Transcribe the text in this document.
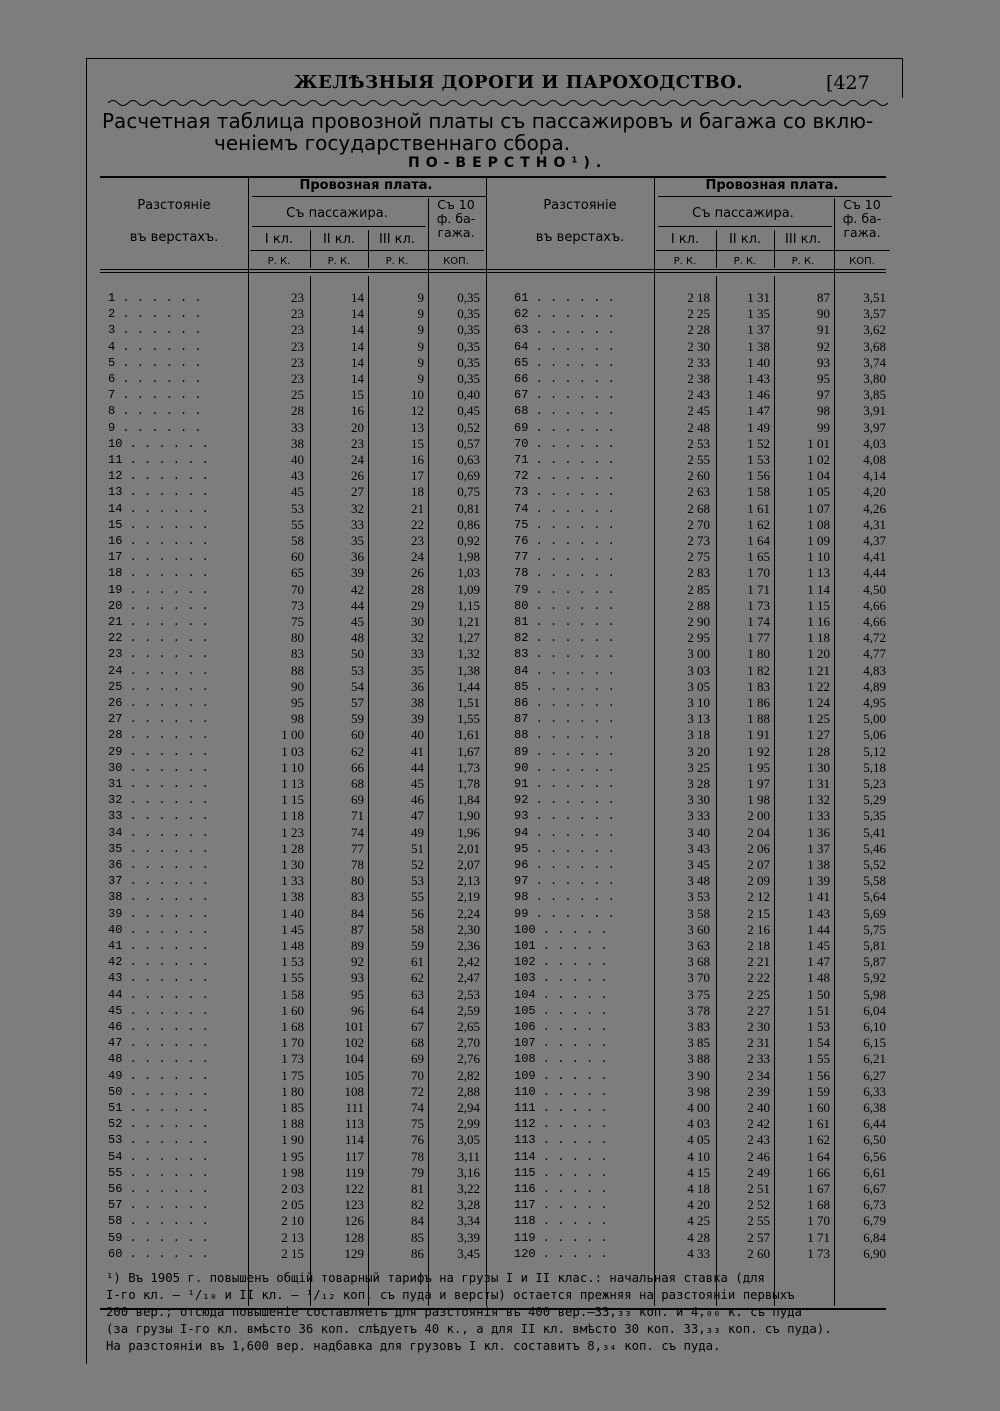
ЖЕЛѢЗНЫЯ ДОРОГИ И ПАРОХОДСТВО.	[427
Расчетная таблица провозной платы съ пассажировъ и багажа со вклю-
ченіемъ государственнаго сбора.
ПО-ВЕРСТНО¹).
Разстояніе
въ верстахъ.
Провозная плата.
Съ пассажира.
Съ 10 ф. ба- гажа.
I кл.	II кл.	III кл.
Р. К.	Р. К.	Р. К.	КОП.
Разстояніе
въ верстахъ.
Провозная плата.
Съ пассажира.
Съ 10 ф. ба- гажа.
I кл.	II кл.	III кл.
Р. К.	Р. К.	Р. К.	КОП.
1 . . . . . .	23	14	9	0,35	61 . . . . . .	2 18	1 31	87	3,51
2 . . . . . .	23	14	9	0,35	62 . . . . . .	2 25	1 35	90	3,57
3 . . . . . .	23	14	9	0,35	63 . . . . . .	2 28	1 37	91	3,62
4 . . . . . .	23	14	9	0,35	64 . . . . . .	2 30	1 38	92	3,68
5 . . . . . .	23	14	9	0,35	65 . . . . . .	2 33	1 40	93	3,74
6 . . . . . .	23	14	9	0,35	66 . . . . . .	2 38	1 43	95	3,80
7 . . . . . .	25	15	10	0,40	67 . . . . . .	2 43	1 46	97	3,85
8 . . . . . .	28	16	12	0,45	68 . . . . . .	2 45	1 47	98	3,91
9 . . . . . .	33	20	13	0,52	69 . . . . . .	2 48	1 49	99	3,97
10 . . . . . .	38	23	15	0,57	70 . . . . . .	2 53	1 52	1 01	4,03
11 . . . . . .	40	24	16	0,63	71 . . . . . .	2 55	1 53	1 02	4,08
12 . . . . . .	43	26	17	0,69	72 . . . . . .	2 60	1 56	1 04	4,14
13 . . . . . .	45	27	18	0,75	73 . . . . . .	2 63	1 58	1 05	4,20
14 . . . . . .	53	32	21	0,81	74 . . . . . .	2 68	1 61	1 07	4,26
15 . . . . . .	55	33	22	0,86	75 . . . . . .	2 70	1 62	1 08	4,31
16 . . . . . .	58	35	23	0,92	76 . . . . . .	2 73	1 64	1 09	4,37
17 . . . . . .	60	36	24	1,98	77 . . . . . .	2 75	1 65	1 10	4,41
18 . . . . . .	65	39	26	1,03	78 . . . . . .	2 83	1 70	1 13	4,44
19 . . . . . .	70	42	28	1,09	79 . . . . . .	2 85	1 71	1 14	4,50
20 . . . . . .	73	44	29	1,15	80 . . . . . .	2 88	1 73	1 15	4,66
21 . . . . . .	75	45	30	1,21	81 . . . . . .	2 90	1 74	1 16	4,66
22 . . . . . .	80	48	32	1,27	82 . . . . . .	2 95	1 77	1 18	4,72
23 . . . . . .	83	50	33	1,32	83 . . . . . .	3 00	1 80	1 20	4,77
24 . . . . . .	88	53	35	1,38	84 . . . . . .	3 03	1 82	1 21	4,83
25 . . . . . .	90	54	36	1,44	85 . . . . . .	3 05	1 83	1 22	4,89
26 . . . . . .	95	57	38	1,51	86 . . . . . .	3 10	1 86	1 24	4,95
27 . . . . . .	98	59	39	1,55	87 . . . . . .	3 13	1 88	1 25	5,00
28 . . . . . .	1 00	60	40	1,61	88 . . . . . .	3 18	1 91	1 27	5,06
29 . . . . . .	1 03	62	41	1,67	89 . . . . . .	3 20	1 92	1 28	5,12
30 . . . . . .	1 10	66	44	1,73	90 . . . . . .	3 25	1 95	1 30	5,18
31 . . . . . .	1 13	68	45	1,78	91 . . . . . .	3 28	1 97	1 31	5,23
32 . . . . . .	1 15	69	46	1,84	92 . . . . . .	3 30	1 98	1 32	5,29
33 . . . . . .	1 18	71	47	1,90	93 . . . . . .	3 33	2 00	1 33	5,35
34 . . . . . .	1 23	74	49	1,96	94 . . . . . .	3 40	2 04	1 36	5,41
35 . . . . . .	1 28	77	51	2,01	95 . . . . . .	3 43	2 06	1 37	5,46
36 . . . . . .	1 30	78	52	2,07	96 . . . . . .	3 45	2 07	1 38	5,52
37 . . . . . .	1 33	80	53	2,13	97 . . . . . .	3 48	2 09	1 39	5,58
38 . . . . . .	1 38	83	55	2,19	98 . . . . . .	3 53	2 12	1 41	5,64
39 . . . . . .	1 40	84	56	2,24	99 . . . . . .	3 58	2 15	1 43	5,69
40 . . . . . .	1 45	87	58	2,30	100 . . . . .	3 60	2 16	1 44	5,75
41 . . . . . .	1 48	89	59	2,36	101 . . . . .	3 63	2 18	1 45	5,81
42 . . . . . .	1 53	92	61	2,42	102 . . . . .	3 68	2 21	1 47	5,87
43 . . . . . .	1 55	93	62	2,47	103 . . . . .	3 70	2 22	1 48	5,92
44 . . . . . .	1 58	95	63	2,53	104 . . . . .	3 75	2 25	1 50	5,98
45 . . . . . .	1 60	96	64	2,59	105 . . . . .	3 78	2 27	1 51	6,04
46 . . . . . .	1 68	101	67	2,65	106 . . . . .	3 83	2 30	1 53	6,10
47 . . . . . .	1 70	102	68	2,70	107 . . . . .	3 85	2 31	1 54	6,15
48 . . . . . .	1 73	104	69	2,76	108 . . . . .	3 88	2 33	1 55	6,21
49 . . . . . .	1 75	105	70	2,82	109 . . . . .	3 90	2 34	1 56	6,27
50 . . . . . .	1 80	108	72	2,88	110 . . . . .	3 98	2 39	1 59	6,33
51 . . . . . .	1 85	111	74	2,94	111 . . . . .	4 00	2 40	1 60	6,38
52 . . . . . .	1 88	113	75	2,99	112 . . . . .	4 03	2 42	1 61	6,44
53 . . . . . .	1 90	114	76	3,05	113 . . . . .	4 05	2 43	1 62	6,50
54 . . . . . .	1 95	117	78	3,11	114 . . . . .	4 10	2 46	1 64	6,56
55 . . . . . .	1 98	119	79	3,16	115 . . . . .	4 15	2 49	1 66	6,61
56 . . . . . .	2 03	122	81	3,22	116 . . . . .	4 18	2 51	1 67	6,67
57 . . . . . .	2 05	123	82	3,28	117 . . . . .	4 20	2 52	1 68	6,73
58 . . . . . .	2 10	126	84	3,34	118 . . . . .	4 25	2 55	1 70	6,79
59 . . . . . .	2 13	128	85	3,39	119 . . . . .	4 28	2 57	1 71	6,84
60 . . . . . .	2 15	129	86	3,45	120 . . . . .	4 33	2 60	1 73	6,90
¹) Въ 1905 г. повышенъ общій товарный тарифъ на грузы I и II клас.: начальная ставка (для
I-го кл. — ¹/₁₀ и II кл. — ¹/₁₂ коп. съ пуда и версты) остается прежняя на разстояніи первыхъ
200 вер.; отсюда повышеніе составляетъ для разстоянія въ 400 вер.—33,₃₃ коп. и 4,₀₀ к. съ пуда
(за грузы I-го кл. вмѣсто 36 коп. слѣдуетъ 40 к., а для II кл. вмѣсто 30 коп. 33,₃₃ коп. съ пуда).
На разстояніи въ 1,600 вер. надбавка для грузовъ I кл. составитъ 8,₃₄ коп. съ пуда.
